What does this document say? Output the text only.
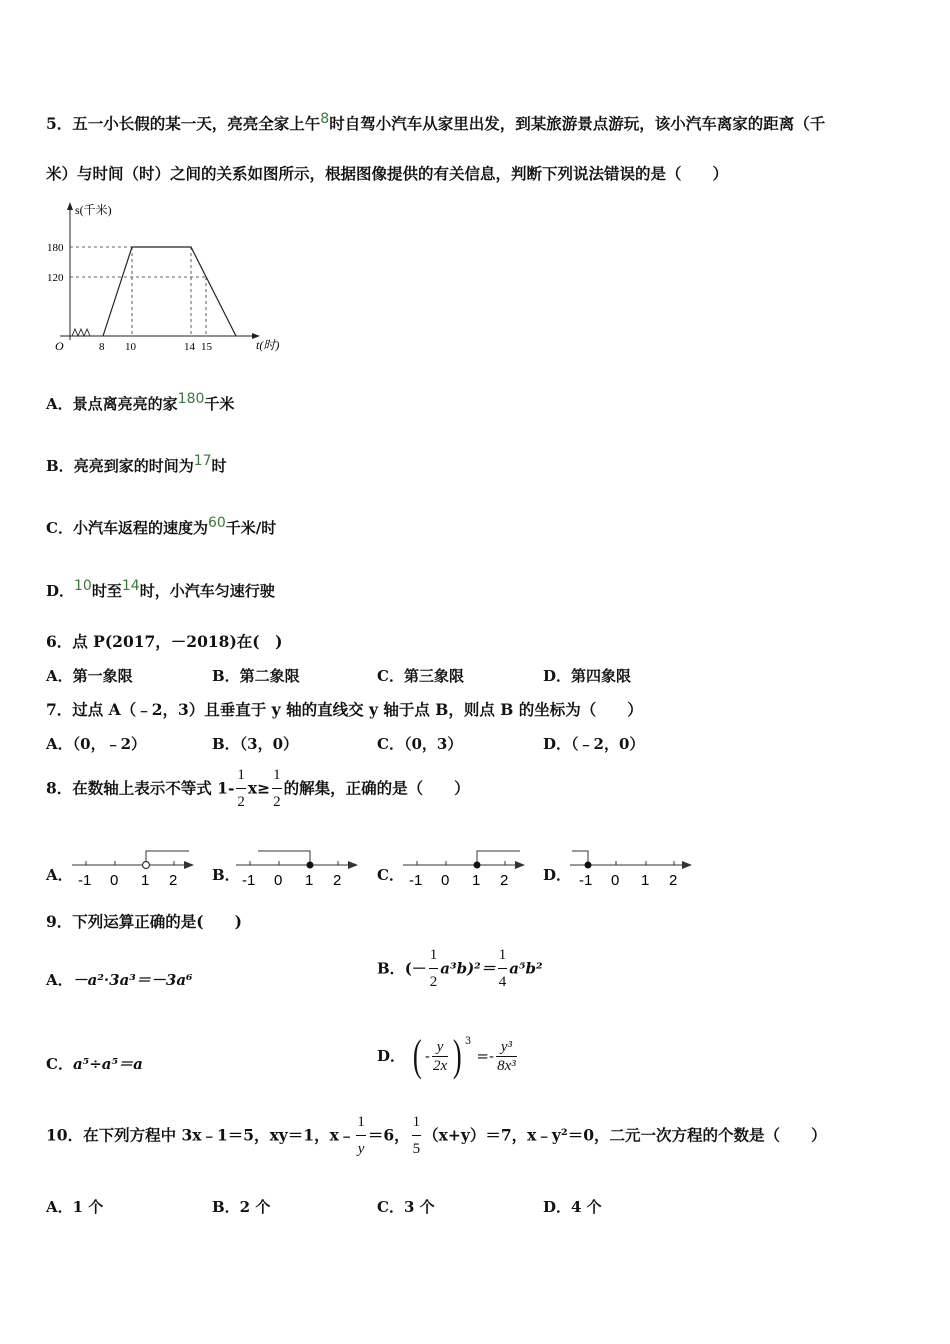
5．五一小长假的某一天，亮亮全家上午8时自驾小汽车从家里出发，到某旅游景点游玩，该小汽车离家的距离（千
米）与时间（时）之间的关系如图所示，根据图像提供的有关信息，判断下列说法错误的是（　　）
s(千米)
t(时)
O
180
120
8 10	14 15
A．景点离亮亮的家180千米
B．亮亮到家的时间为17时
C．小汽车返程的速度为60千米/时
D．10时至14时，小汽车匀速行驶
6．点 P(2017，－2018)在(　)
A．第一象限	B．第二象限	C．第三象限	D．第四象限
7．过点 A（﹣2，3）且垂直于 y 轴的直线交 y 轴于点 B，则点 B 的坐标为（　　）
A．（0，﹣2）	B．（3，0）	C．（0，3）	D．（﹣2，0）
8．在数轴上表示不等式 $1- \frac{1}{2} x\ge \frac{1}{2}$ 的解集，正确的是（　　）
A． -1 0 1 2 B． -1 0 1 2 C． -1 0 1 2 D． -1 0 1 2
9．下列运算正确的是(　　)
A．－a²·3a³＝－3a⁶
B．(－ $\frac{1}{2} a^3b)^2= \frac{1}{4} a^5b^2$
C．a⁵÷a⁵＝a	D． ( - $\frac{y}{2x}$ ) $^3 =- \frac{\text{y³}}{\text{8x³}}$
10．在下列方程中 3x﹣1＝5，xy＝1，x﹣ $\frac{1}{y} =6$， $\frac{1}{5} (x+y)=7$，x﹣y²＝0，二元一次方程的个数是（　　）
A．1 个	B．2 个	C．3 个	D．4 个
